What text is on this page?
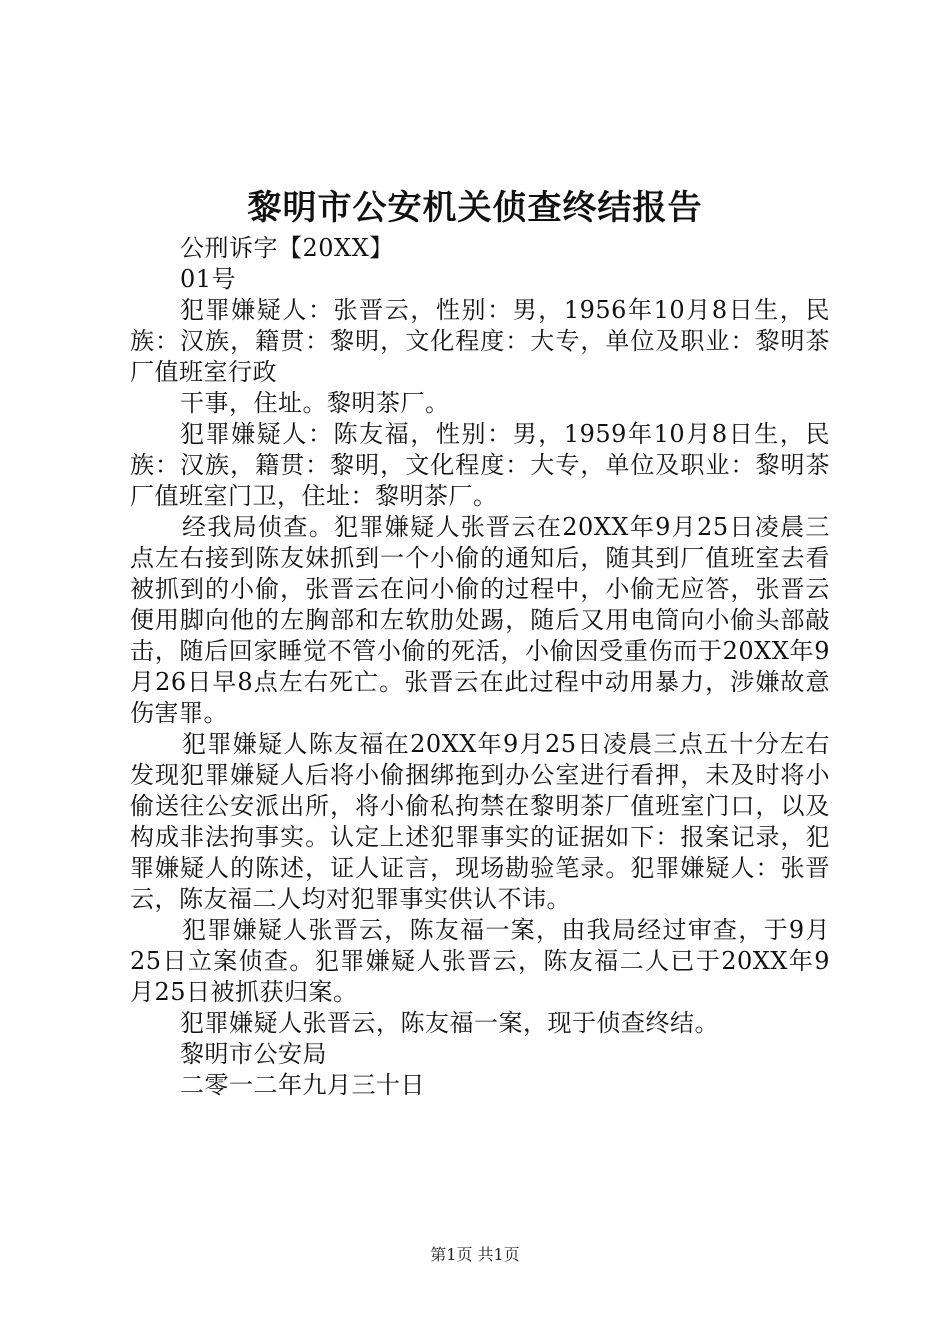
黎明市公安机关侦查终结报告

公刑诉字【20XX】

01号

犯罪嫌疑人：张晋云，性别：男，1956年10月8日生，民族：汉族，籍贯：黎明，文化程度：大专，单位及职业：黎明茶厂值班室行政

干事，住址。黎明茶厂。

犯罪嫌疑人：陈友福，性别：男，1959年10月8日生，民族：汉族，籍贯：黎明，文化程度：大专，单位及职业：黎明茶厂值班室门卫，住址：黎明茶厂。

经我局侦查。犯罪嫌疑人张晋云在20XX年9月25日凌晨三点左右接到陈友妹抓到一个小偷的通知后，随其到厂值班室去看被抓到的小偷，张晋云在问小偷的过程中，小偷无应答，张晋云便用脚向他的左胸部和左软肋处踢，随后又用电筒向小偷头部敲击，随后回家睡觉不管小偷的死活，小偷因受重伤而于20XX年9月26日早8点左右死亡。张晋云在此过程中动用暴力，涉嫌故意伤害罪。

犯罪嫌疑人陈友福在20XX年9月25日凌晨三点五十分左右发现犯罪嫌疑人后将小偷捆绑拖到办公室进行看押，未及时将小偷送往公安派出所，将小偷私拘禁在黎明茶厂值班室门口，以及构成非法拘事实。认定上述犯罪事实的证据如下：报案记录，犯罪嫌疑人的陈述，证人证言，现场勘验笔录。犯罪嫌疑人：张晋云，陈友福二人均对犯罪事实供认不讳。

犯罪嫌疑人张晋云，陈友福一案，由我局经过审查，于9月25日立案侦查。犯罪嫌疑人张晋云，陈友福二人已于20XX年9月25日被抓获归案。

犯罪嫌疑人张晋云，陈友福一案，现于侦查终结。

黎明市公安局

二零一二年九月三十日

第1页 共1页
